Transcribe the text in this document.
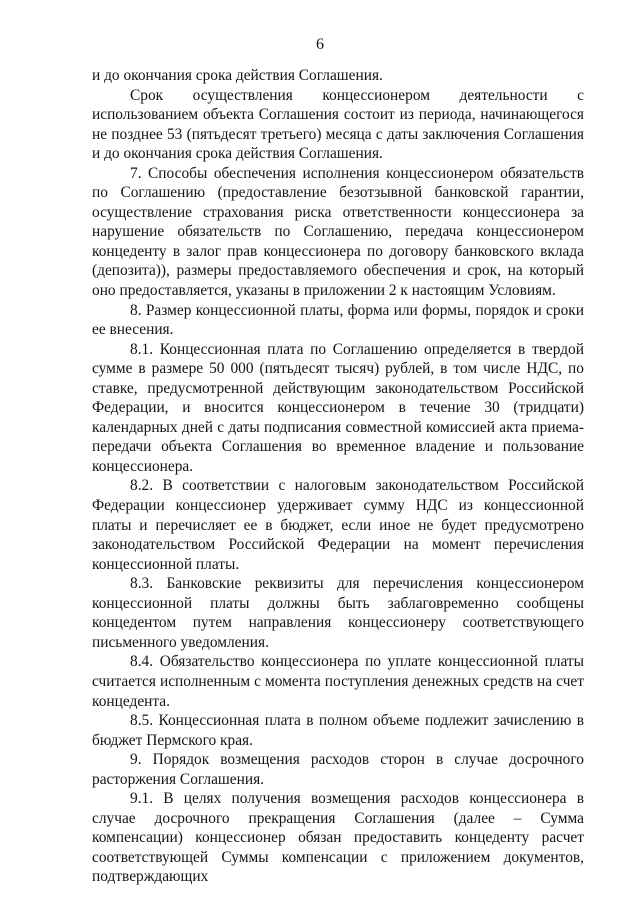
6

и до окончания срока действия Соглашения.

Срок осуществления концессионером деятельности с использованием объекта Соглашения состоит из периода, начинающегося не позднее 53 (пятьдесят третьего) месяца с даты заключения Соглашения и до окончания срока действия Соглашения.

7. Способы обеспечения исполнения концессионером обязательств по Соглашению (предоставление безотзывной банковской гарантии, осуществление страхования риска ответственности концессионера за нарушение обязательств по Соглашению, передача концессионером концеденту в залог прав концессионера по договору банковского вклада (депозита)), размеры предоставляемого обеспечения и срок, на который оно предоставляется, указаны в приложении 2 к настоящим Условиям.

8. Размер концессионной платы, форма или формы, порядок и сроки ее внесения.

8.1. Концессионная плата по Соглашению определяется в твердой сумме в размере 50 000 (пятьдесят тысяч) рублей, в том числе НДС, по ставке, предусмотренной действующим законодательством Российской Федерации, и вносится концессионером в течение 30 (тридцати) календарных дней с даты подписания совместной комиссией акта приема-передачи объекта Соглашения во временное владение и пользование концессионера.

8.2. В соответствии с налоговым законодательством Российской Федерации концессионер удерживает сумму НДС из концессионной платы и перечисляет ее в бюджет, если иное не будет предусмотрено законодательством Российской Федерации на момент перечисления концессионной платы.

8.3. Банковские реквизиты для перечисления концессионером концессионной платы должны быть заблаговременно сообщены концедентом путем направления концессионеру соответствующего письменного уведомления.

8.4. Обязательство концессионера по уплате концессионной платы считается исполненным с момента поступления денежных средств на счет концедента.

8.5. Концессионная плата в полном объеме подлежит зачислению в бюджет Пермского края.

9. Порядок возмещения расходов сторон в случае досрочного расторжения Соглашения.

9.1. В целях получения возмещения расходов концессионера в случае досрочного прекращения Соглашения (далее – Сумма компенсации) концессионер обязан предоставить концеденту расчет соответствующей Суммы компенсации с приложением документов, подтверждающих
